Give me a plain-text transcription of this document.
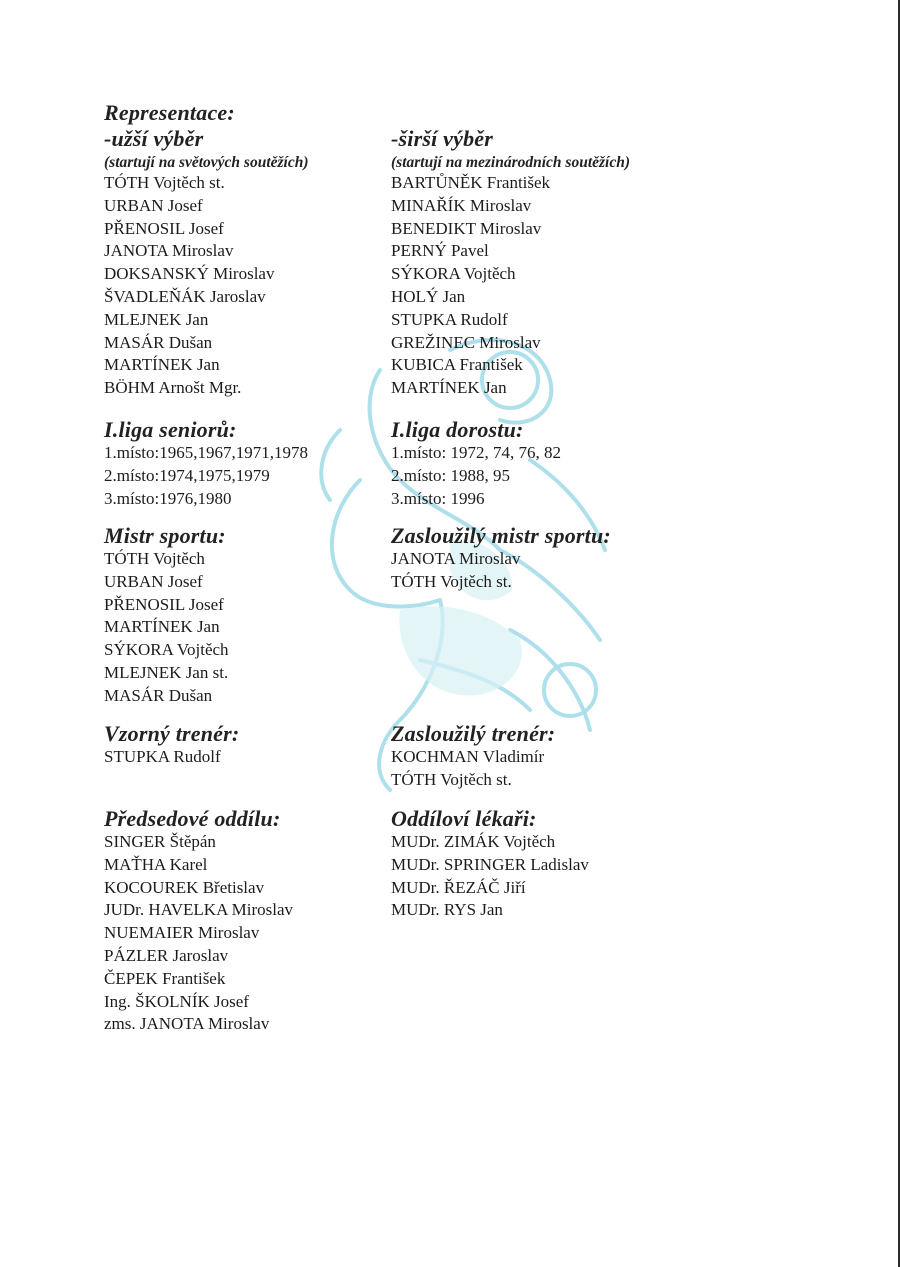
Representace:
-užší výběr
(startují na světových soutěžích)
TÓTH Vojtěch st.
URBAN Josef
PŘENOSIL Josef
JANOTA Miroslav
DOKSANSKÝ Miroslav
ŠVADLEŇÁK Jaroslav
MLEJNEK Jan
MASÁR Dušan
MARTÍNEK Jan
BÖHM Arnošt Mgr.
-širší výběr
(startují na mezinárodních soutěžích)
BARTŮNĚK František
MINAŘÍK Miroslav
BENEDIKT Miroslav
PERNÝ Pavel
SÝKORA Vojtěch
HOLÝ Jan
STUPKA Rudolf
GREŽINEC Miroslav
KUBICA František
MARTÍNEK Jan
I.liga seniorů:
1.místo:1965,1967,1971,1978
2.místo:1974,1975,1979
3.místo:1976,1980
I.liga dorostu:
1.místo: 1972, 74, 76, 82
2.místo: 1988, 95
3.místo: 1996
Mistr sportu:
TÓTH Vojtěch
URBAN Josef
PŘENOSIL Josef
MARTÍNEK Jan
SÝKORA Vojtěch
MLEJNEK Jan st.
MASÁR Dušan
Zasloužilý mistr sportu:
JANOTA Miroslav
TÓTH Vojtěch st.
Vzorný trenér:
STUPKA Rudolf
Zasloužilý trenér:
KOCHMAN Vladimír
TÓTH Vojtěch st.
Předsedové oddílu:
SINGER Štěpán
MAŤHA Karel
KOCOUREK Břetislav
JUDr. HAVELKA Miroslav
NUEMAIER Miroslav
PÁZLER Jaroslav
ČEPEK František
Ing. ŠKOLNÍK Josef
zms. JANOTA Miroslav
Oddíloví lékaři:
MUDr. ZIMÁK Vojtěch
MUDr. SPRINGER Ladislav
MUDr. ŘEZÁČ Jiří
MUDr. RYS Jan
